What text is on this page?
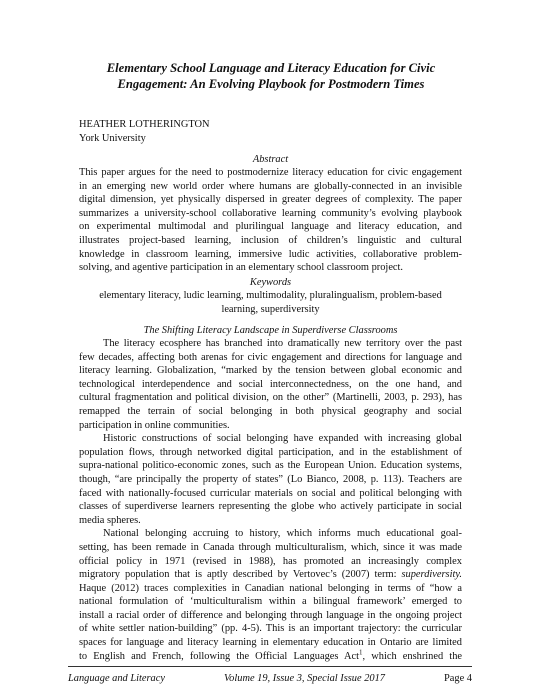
Elementary School Language and Literacy Education for Civic
Engagement: An Evolving Playbook for Postmodern Times
HEATHER LOTHERINGTON
York University
Abstract
This paper argues for the need to postmodernize literacy education for civic engagement
in an emerging new world order where humans are globally-connected in an invisible
digital dimension, yet physically dispersed in greater degrees of complexity. The paper
summarizes a university-school collaborative learning community’s evolving playbook
on experimental multimodal and plurilingual language and literacy education, and
illustrates project-based learning, inclusion of children’s linguistic and cultural
knowledge in classroom learning, immersive ludic activities, collaborative problem-
solving, and agentive participation in an elementary school classroom project.
Keywords
elementary literacy, ludic learning, multimodality, pluralingualism, problem-based
learning, superdiversity
The Shifting Literacy Landscape in Superdiverse Classrooms
The literacy ecosphere has branched into dramatically new territory over the past
few decades, affecting both arenas for civic engagement and directions for language and
literacy learning. Globalization, “marked by the tension between global economic and
technological interdependence and social interconnectedness, on the one hand, and
cultural fragmentation and political division, on the other” (Martinelli, 2003, p. 293), has
remapped the terrain of social belonging in both physical geography and social
participation in online communities.
Historic constructions of social belonging have expanded with increasing global
population flows, through networked digital participation, and in the establishment of
supra-national politico-economic zones, such as the European Union. Education systems,
though, “are principally the property of states” (Lo Bianco, 2008, p. 113). Teachers are
faced with nationally-focused curricular materials on social and political belonging with
classes of superdiverse learners representing the globe who actively participate in social
media spheres.
National belonging accruing to history, which informs much educational goal-
setting, has been remade in Canada through multiculturalism, which, since it was made
official policy in 1971 (revised in 1988), has promoted an increasingly complex
migratory population that is aptly described by Vertovec’s (2007) term: superdiversity.
Haque (2012) traces complexities in Canadian national belonging in terms of “how a
national formulation of ‘multiculturalism within a bilingual framework’ emerged to
install a racial order of difference and belonging through language in the ongoing project
of white settler nation-building” (pp. 4-5). This is an important trajectory: the curricular
spaces for language and literacy learning in elementary education in Ontario are limited
to English and French, following the Official Languages Act$^1$, which enshrined the
Language and Literacy	Volume 19, Issue 3, Special Issue 2017	Page 4
